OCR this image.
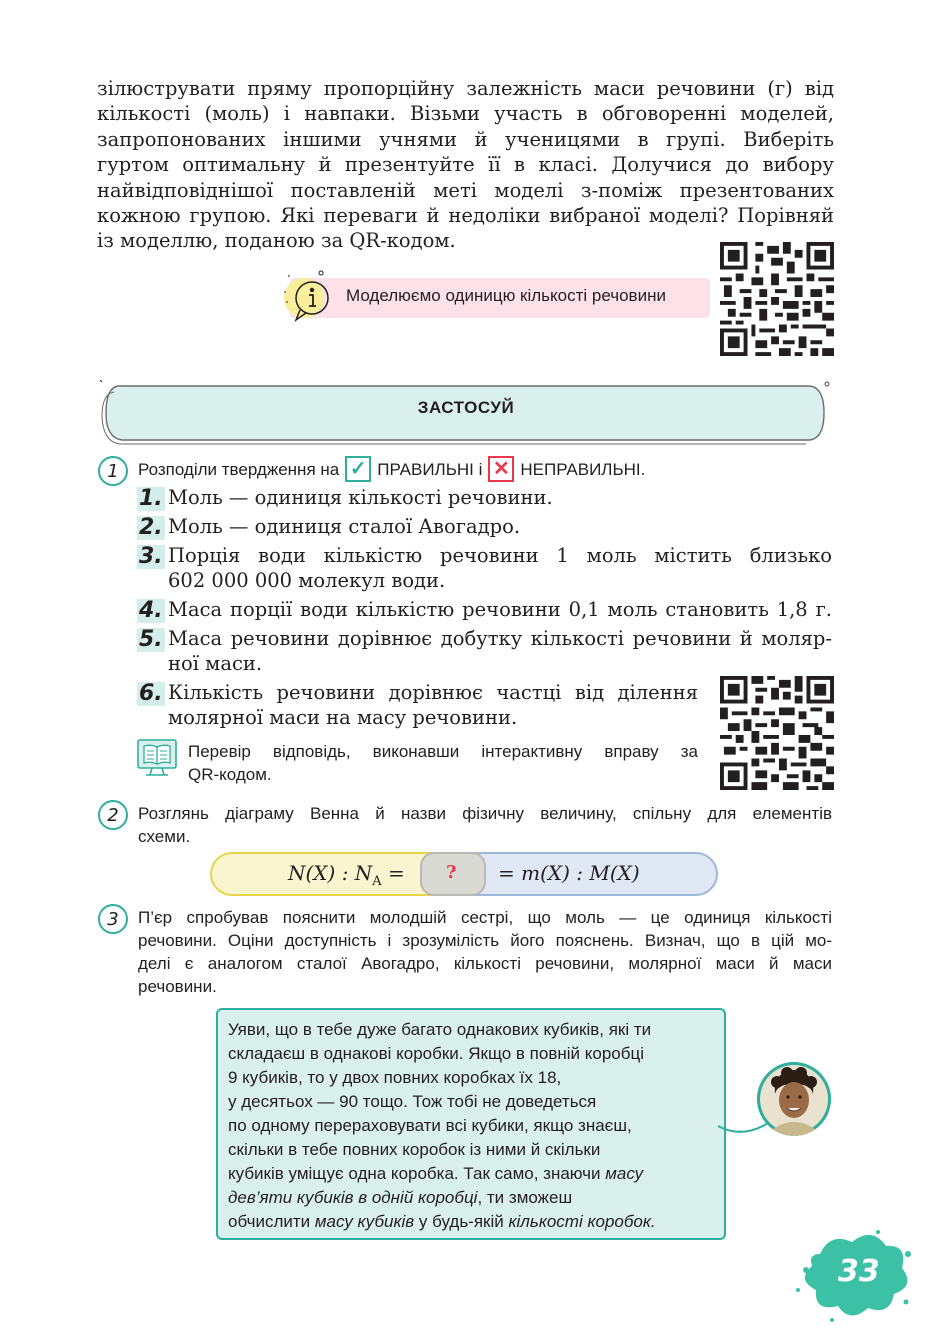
зілюструвати пряму пропорційну залежність маси речовини (г) від
кількості (моль) і навпаки. Візьми участь в обговоренні моделей,
запропонованих іншими учнями й ученицями в групі. Виберіть
гуртом оптимальну й презентуйте її в класі. Долучися до вибору
найвідповіднішої поставленій меті моделі з-поміж презентованих
кожною групою. Які переваги й недоліки вибраної моделі? Порівняй
із моделлю, поданою за QR-кодом.
Моделюємо одиницю кількості речовини
ЗАСТОСУЙ
1	Розподіли твердження на ✓ ПРАВИЛЬНІ і ✕ НЕПРАВИЛЬНІ.
1. Моль — одиниця кількості речовини.
2. Моль — одиниця сталої Авогадро.
3. Порція води кількістю речовини 1 моль містить близько
602 000 000 молекул води.
4. Маса порції води кількістю речовини 0,1 моль становить 1,8 г.
5. Маса речовини дорівнює добутку кількості речовини й моляр-
ної маси.
6. Кількість речовини дорівнює частці від ділення
молярної маси на масу речовини.
Перевір відповідь, виконавши інтерактивну вправу за
QR-кодом.
2	Розглянь діаграму Венна й назви фізичну величину, спільну для елементів
схеми.
N(X) : $N_A$ = ? = m(X) : M(X)
3	П’єр спробував пояснити молодшій сестрі, що моль — це одиниця кількості
речовини. Оціни доступність і зрозумілість його пояснень. Визнач, що в цій мо-
делі є аналогом сталої Авогадро, кількості речовини, молярної маси й маси
речовини.
Уяви, що в тебе дуже багато однакових кубиків, які ти
складаєш в однакові коробки. Якщо в повній коробці
9 кубиків, то у двох повних коробках їх 18,
у десятьох — 90 тощо. Тож тобі не доведеться
по одному перераховувати всі кубики, якщо знаєш,
скільки в тебе повних коробок із ними й скільки
кубиків уміщує одна коробка. Так само, знаючи масу
дев’яти кубиків в одній коробці, ти зможеш
обчислити масу кубиків у будь-якій кількості коробок.
33
